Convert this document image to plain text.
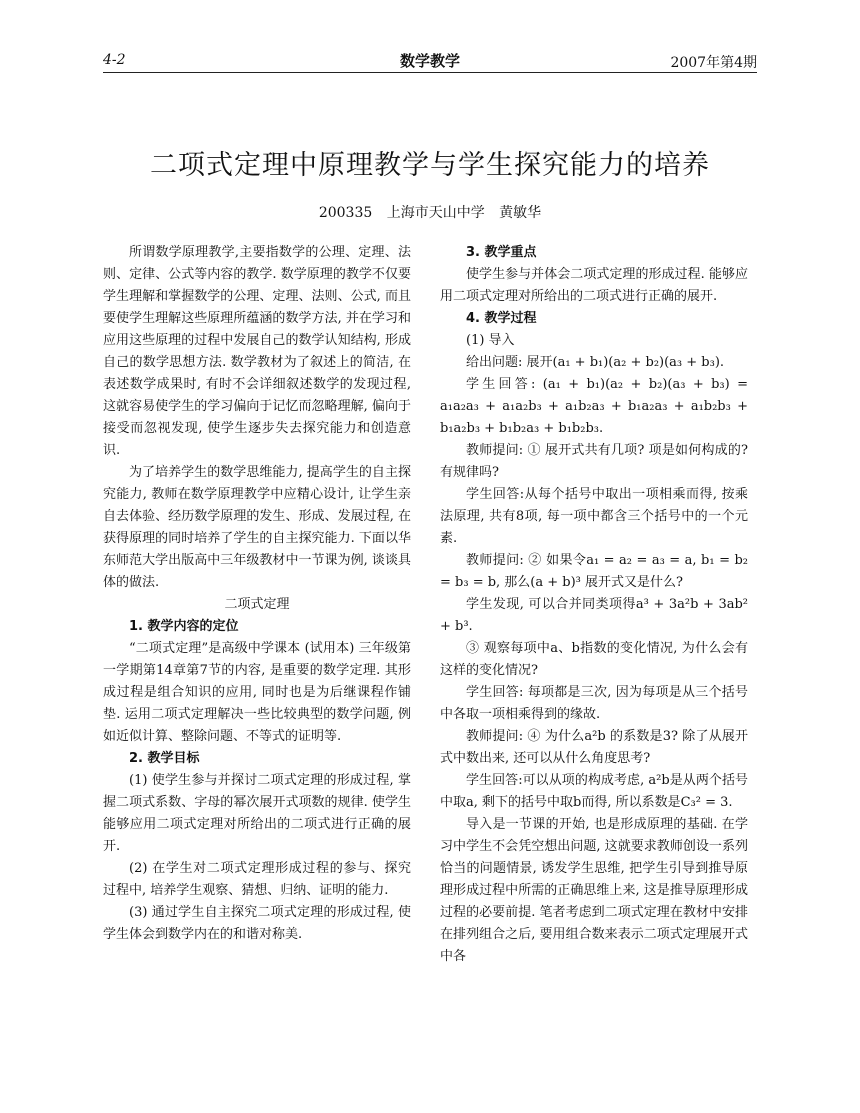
4-2	数学教学	2007年第4期
二项式定理中原理教学与学生探究能力的培养
200335 上海市天山中学 黄敏华

所谓数学原理教学,主要指数学的公理、定理、法则、定律、公式等内容的教学. 数学原理的教学不仅要学生理解和掌握数学的公理、定理、法则、公式, 而且要使学生理解这些原理所蕴涵的数学方法, 并在学习和应用这些原理的过程中发展自己的数学认知结构, 形成自己的数学思想方法. 数学教材为了叙述上的简洁, 在表述数学成果时, 有时不会详细叙述数学的发现过程, 这就容易使学生的学习偏向于记忆而忽略理解, 偏向于接受而忽视发现, 使学生逐步失去探究能力和创造意识.

为了培养学生的数学思维能力, 提高学生的自主探究能力, 教师在数学原理教学中应精心设计, 让学生亲自去体验、经历数学原理的发生、形成、发展过程, 在获得原理的同时培养了学生的自主探究能力. 下面以华东师范大学出版高中三年级教材中一节课为例, 谈谈具体的做法.

二项式定理

1. 教学内容的定位

“二项式定理”是高级中学课本 (试用本) 三年级第一学期第14章第7节的内容, 是重要的数学定理. 其形成过程是组合知识的应用, 同时也是为后继课程作铺垫. 运用二项式定理解决一些比较典型的数学问题, 例如近似计算、整除问题、不等式的证明等.

2. 教学目标

(1) 使学生参与并探讨二项式定理的形成过程, 掌握二项式系数、字母的幂次展开式项数的规律. 使学生能够应用二项式定理对所给出的二项式进行正确的展开.

(2) 在学生对二项式定理形成过程的参与、探究过程中, 培养学生观察、猜想、归纳、证明的能力.

(3) 通过学生自主探究二项式定理的形成过程, 使学生体会到数学内在的和谐对称美.

3. 教学重点

使学生参与并体会二项式定理的形成过程. 能够应用二项式定理对所给出的二项式进行正确的展开.

4. 教学过程

(1) 导入

给出问题: 展开(a₁ + b₁)(a₂ + b₂)(a₃ + b₃).

学生回答: (a₁ + b₁)(a₂ + b₂)(a₃ + b₃) = a₁a₂a₃ + a₁a₂b₃ + a₁b₂a₃ + b₁a₂a₃ + a₁b₂b₃ + b₁a₂b₃ + b₁b₂a₃ + b₁b₂b₃.

教师提问: ① 展开式共有几项? 项是如何构成的? 有规律吗?

学生回答:从每个括号中取出一项相乘而得, 按乘法原理, 共有8项, 每一项中都含三个括号中的一个元素.

教师提问: ② 如果令a₁ = a₂ = a₃ = a, b₁ = b₂ = b₃ = b, 那么(a + b)³ 展开式又是什么?

学生发现, 可以合并同类项得a³ + 3a²b + 3ab² + b³.

③ 观察每项中a、b指数的变化情况, 为什么会有这样的变化情况?

学生回答: 每项都是三次, 因为每项是从三个括号中各取一项相乘得到的缘故.

教师提问: ④ 为什么a²b 的系数是3? 除了从展开式中数出来, 还可以从什么角度思考?

学生回答:可以从项的构成考虑, a²b是从两个括号中取a, 剩下的括号中取b而得, 所以系数是C₃² = 3.

导入是一节课的开始, 也是形成原理的基础. 在学习中学生不会凭空想出问题, 这就要求教师创设一系列恰当的问题情景, 诱发学生思维, 把学生引导到推导原理形成过程中所需的正确思维上来, 这是推导原理形成过程的必要前提. 笔者考虑到二项式定理在教材中安排在排列组合之后, 要用组合数来表示二项式定理展开式中各
